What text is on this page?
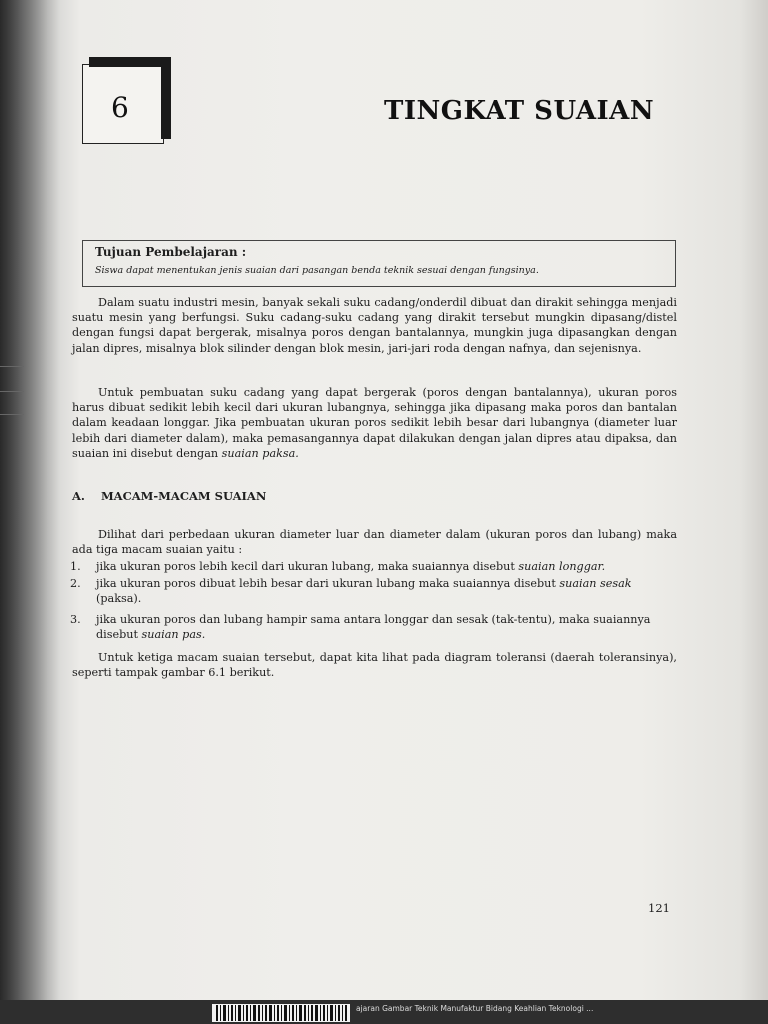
6	TINGKAT SUAIAN
Tujuan Pembelajaran :
Siswa dapat menentukan jenis suaian dari pasangan benda teknik sesuai dengan fungsinya.

Dalam suatu industri mesin, banyak sekali suku cadang/onderdil dibuat dan dirakit sehingga menjadi suatu mesin yang berfungsi. Suku cadang-suku cadang yang dirakit tersebut mungkin dipasang/distel dengan fungsi dapat bergerak, misalnya poros dengan bantalannya, mungkin juga dipasangkan dengan jalan dipres, misalnya blok silinder dengan blok mesin, jari-jari roda dengan nafnya, dan sejenisnya.

Untuk pembuatan suku cadang yang dapat bergerak (poros dengan bantalannya), ukuran poros harus dibuat sedikit lebih kecil dari ukuran lubangnya, sehingga jika dipasang maka poros dan bantalan dalam keadaan longgar. Jika pembuatan ukuran poros sedikit lebih besar dari lubangnya (diameter luar lebih dari diameter dalam), maka pemasangannya dapat dilakukan dengan jalan dipres atau dipaksa, dan suaian ini disebut dengan suaian paksa.

A. MACAM-MACAM SUAIAN

Dilihat dari perbedaan ukuran diameter luar dan diameter dalam (ukuran poros dan lubang) maka ada tiga macam suaian yaitu :

1.	jika ukuran poros lebih kecil dari ukuran lubang, maka suaiannya disebut suaian longgar.
2.	jika ukuran poros dibuat lebih besar dari ukuran lubang maka suaiannya disebut suaian sesak (paksa).
3.	jika ukuran poros dan lubang hampir sama antara longgar dan sesak (tak-tentu), maka suaiannya disebut suaian pas.

Untuk ketiga macam suaian tersebut, dapat kita lihat pada diagram toleransi (daerah toleransinya), seperti tampak gambar 6.1 berikut.

121
ajaran Gambar Teknik Manufaktur Bidang Keahlian Teknologi ...
